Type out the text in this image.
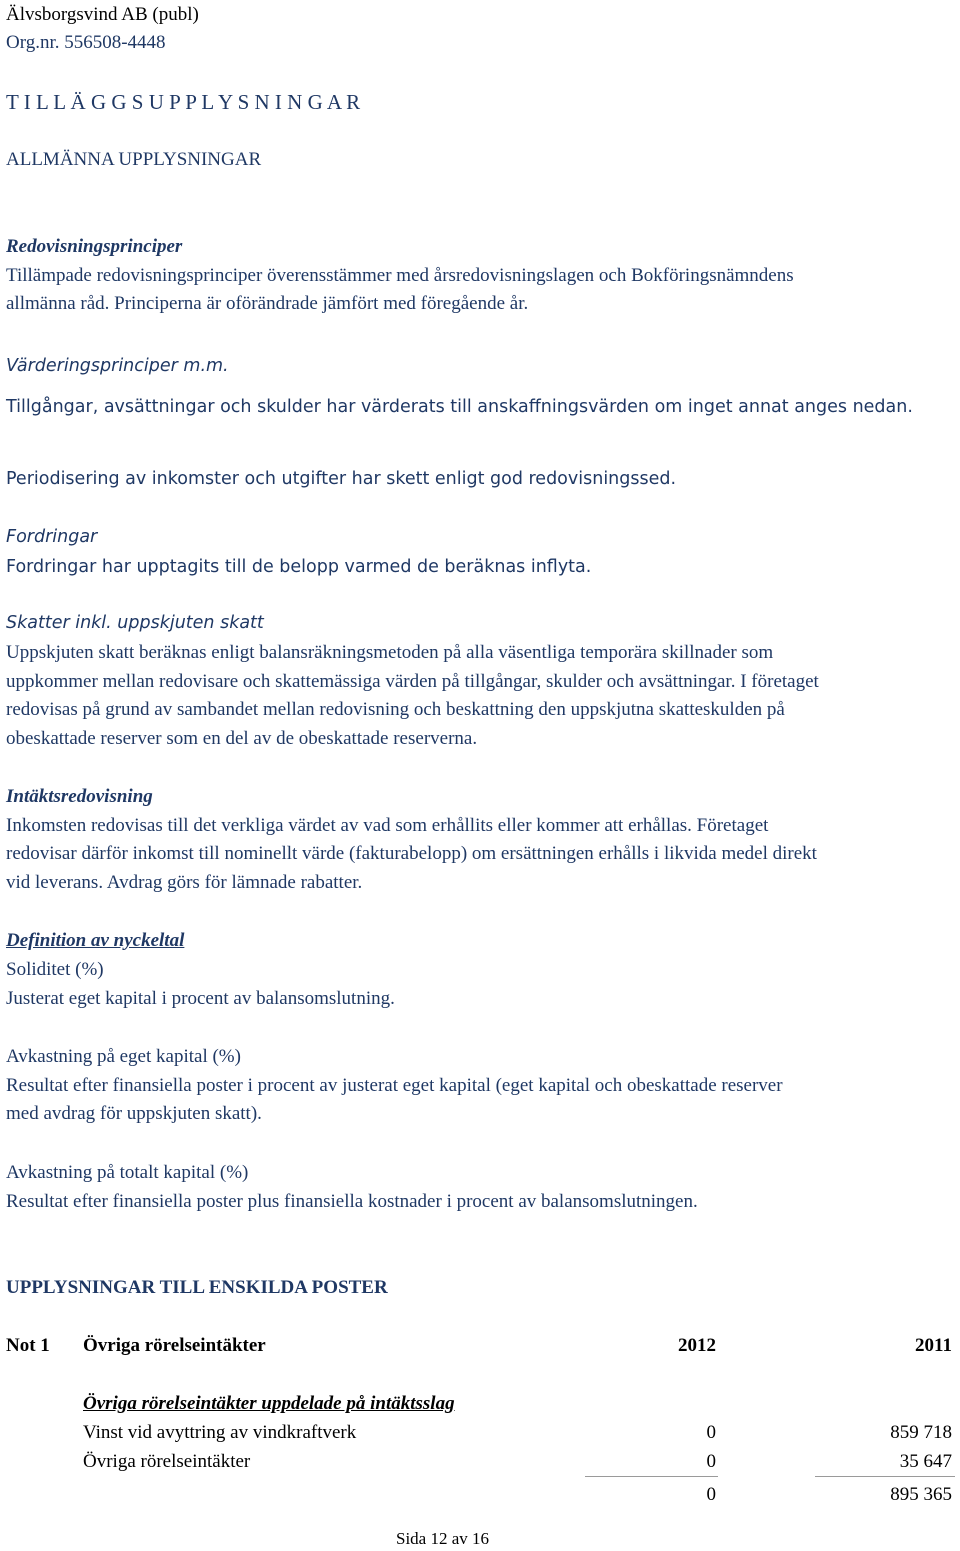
Älvsborgsvind AB (publ)
Org.nr. 556508-4448
T I L L Ä G G S U P P L Y S N I N G A R
ALLMÄNNA UPPLYSNINGAR
Redovisningsprinciper
Tillämpade redovisningsprinciper överensstämmer med årsredovisningslagen och Bokföringsnämndens
allmänna råd. Principerna är oförändrade jämfört med föregående år.
Värderingsprinciper m.m.
Tillgångar, avsättningar och skulder har värderats till anskaffningsvärden om inget annat anges nedan.
Periodisering av inkomster och utgifter har skett enligt god redovisningssed.
Fordringar
Fordringar har upptagits till de belopp varmed de beräknas inflyta.
Skatter inkl. uppskjuten skatt
Uppskjuten skatt beräknas enligt balansräkningsmetoden på alla väsentliga temporära skillnader som
uppkommer mellan redovisare och skattemässiga värden på tillgångar, skulder och avsättningar. I företaget
redovisas på grund av sambandet mellan redovisning och beskattning den uppskjutna skatteskulden på
obeskattade reserver som en del av de obeskattade reserverna.
Intäktsredovisning
Inkomsten redovisas till det verkliga värdet av vad som erhållits eller kommer att erhållas. Företaget
redovisar därför inkomst till nominellt värde (fakturabelopp) om ersättningen erhålls i likvida medel direkt
vid leverans. Avdrag görs för lämnade rabatter.
Definition av nyckeltal
Soliditet (%)
Justerat eget kapital i procent av balansomslutning.
Avkastning på eget kapital (%)
Resultat efter finansiella poster i procent av justerat eget kapital (eget kapital och obeskattade reserver
med avdrag för uppskjuten skatt).
Avkastning på totalt kapital (%)
Resultat efter finansiella poster plus finansiella kostnader i procent av balansomslutningen.
UPPLYSNINGAR TILL ENSKILDA POSTER
Not 1 Övriga rörelseintäkter	2012	2011
Övriga rörelseintäkter uppdelade på intäktsslag
Vinst vid avyttring av vindkraftverk	0	859 718
Övriga rörelseintäkter	0	35 647
0	895 365
Sida 12 av 16
